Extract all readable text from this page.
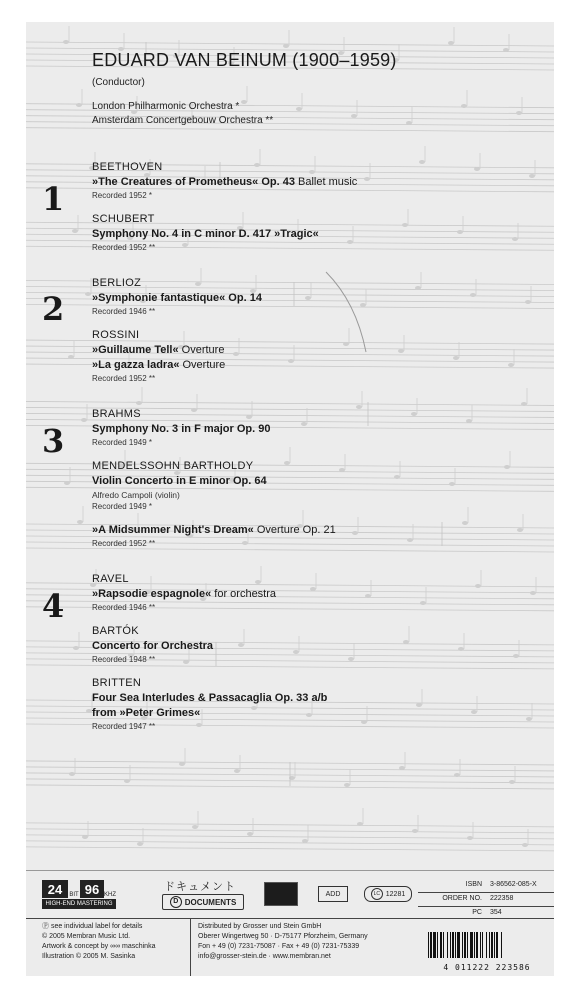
EDUARD VAN BEINUM (1900–1959)
(Conductor)
London Philharmonic Orchestra *
Amsterdam Concertgebouw Orchestra **
1
2
3
4
BEETHOVEN
»The Creatures of Prometheus« Op. 43 Ballet music
Recorded 1952 *
SCHUBERT
Symphony No. 4 in C minor D. 417 »Tragic«
Recorded 1952 **
BERLIOZ
»Symphonie fantastique« Op. 14
Recorded 1946 **
ROSSINI
»Guillaume Tell« Overture
»La gazza ladra« Overture
Recorded 1952 **
BRAHMS
Symphony No. 3 in F major Op. 90
Recorded 1949 *
MENDELSSOHN BARTHOLDY
Violin Concerto in E minor Op. 64
Alfredo Campoli (violin)
Recorded 1949 *
»A Midsummer Night's Dream« Overture Op. 21
Recorded 1952 **
RAVEL
»Rapsodie espagnole« for orchestra
Recorded 1946 **
BARTÓK
Concerto for Orchestra
Recorded 1948 **
BRITTEN
Four Sea Interludes & Passacaglia Op. 33 a/b
from »Peter Grimes«
Recorded 1947 **
24	BIT 96 KHZ
HIGH-END MASTERING
ドキュメント
D DOCUMENTS
ADD	LC 12281
ISBN	3-86562-085-X
ORDER NO.	222358
PC	354
Ⓟ see individual label for details
© 2005 Membran Music Ltd.
Artwork & concept by ∞∞ maschinka
Illustration © 2005 M. Sasinka
Distributed by Grosser und Stein GmbH
Oberer Wingertweg 50 · D-75177 Pforzheim, Germany
Fon + 49 (0) 7231-75087 · Fax + 49 (0) 7231-75339
info@grosser-stein.de · www.membran.net
4 011222 223586
